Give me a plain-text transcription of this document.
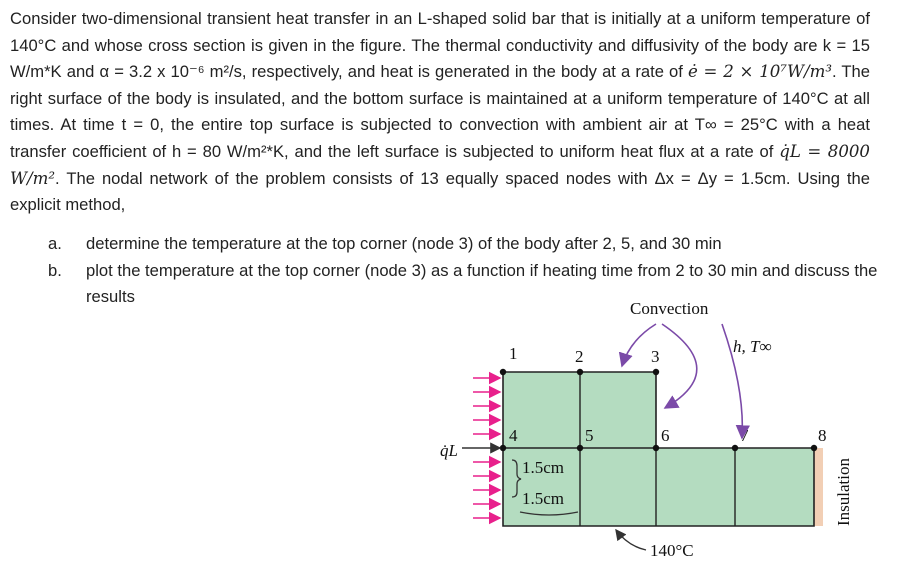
Consider two-dimensional transient heat transfer in an L-shaped solid bar that is initially at a uniform temperature of 140°C and whose cross section is given in the figure. The thermal conductivity and diffusivity of the body are k = 15 W/m*K and α = 3.2 x 10⁻⁶ m²/s, respectively, and heat is generated in the body at a rate of ė = 2 × 10⁷W/m³. The right surface of the body is insulated, and the bottom surface is maintained at a uniform temperature of 140°C at all times. At time t = 0, the entire top surface is subjected to convection with ambient air at T∞ = 25°C with a heat transfer coefficient of h = 80 W/m²*K, and the left surface is subjected to uniform heat flux at a rate of q̇L = 8000 W/m². The nodal network of the problem consists of 13 equally spaced nodes with Δx = Δy = 1.5cm. Using the explicit method,

a. determine the temperature at the top corner (node 3) of the body after 2, 5, and 30 min
b. plot the temperature at the top corner (node 3) as a function if heating time from 2 to 30 min and discuss the results
1	2	3
4	5	6	7	8
q̇L
Convection
h, T∞
1.5cm
1.5cm
140°C
Insulation
